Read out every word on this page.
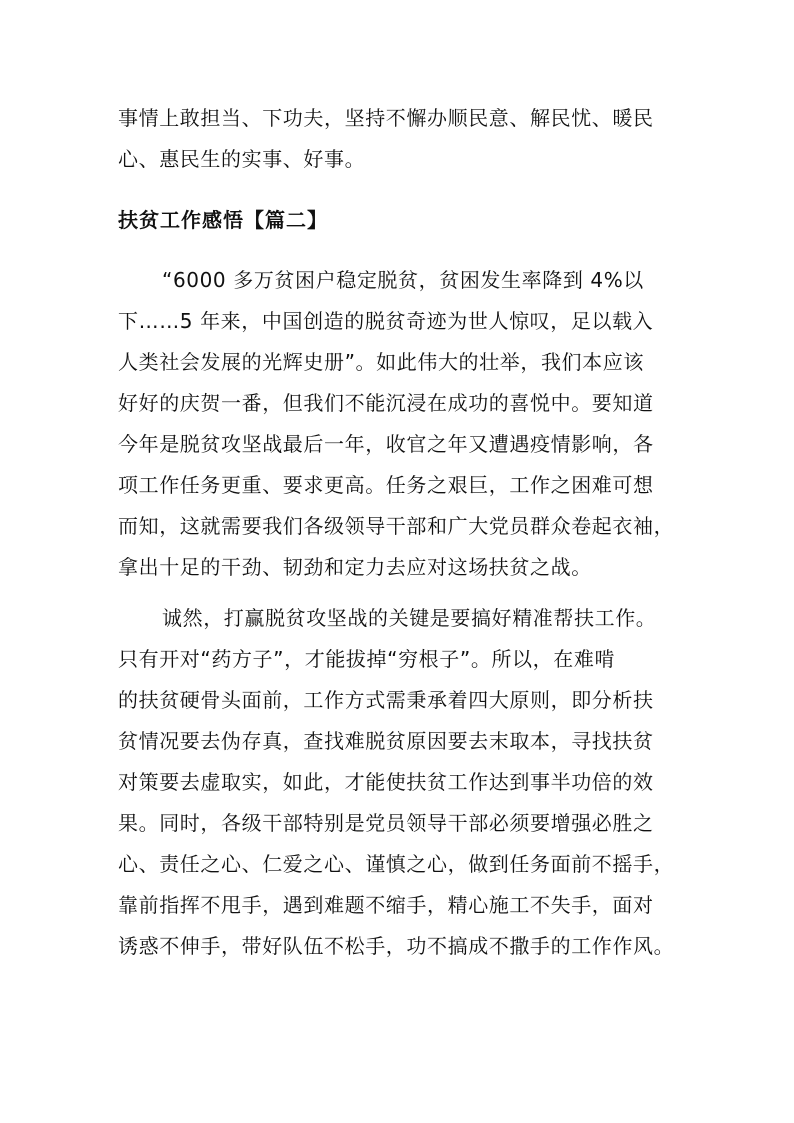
事情上敢担当、下功夫，坚持不懈办顺民意、解民忧、暖民
心、惠民生的实事、好事。
扶贫工作感悟【篇二】
“6000 多万贫困户稳定脱贫，贫困发生率降到 4%以
下……5 年来，中国创造的脱贫奇迹为世人惊叹，足以载入
人类社会发展的光辉史册”。如此伟大的壮举，我们本应该
好好的庆贺一番，但我们不能沉浸在成功的喜悦中。要知道
今年是脱贫攻坚战最后一年，收官之年又遭遇疫情影响，各
项工作任务更重、要求更高。任务之艰巨，工作之困难可想
而知，这就需要我们各级领导干部和广大党员群众卷起衣袖，
拿出十足的干劲、韧劲和定力去应对这场扶贫之战。
诚然，打赢脱贫攻坚战的关键是要搞好精准帮扶工作。
只有开对“药方子”，才能拔掉“穷根子”。所以，在难啃
的扶贫硬骨头面前，工作方式需秉承着四大原则，即分析扶
贫情况要去伪存真，查找难脱贫原因要去末取本，寻找扶贫
对策要去虚取实，如此，才能使扶贫工作达到事半功倍的效
果。同时，各级干部特别是党员领导干部必须要增强必胜之
心、责任之心、仁爱之心、谨慎之心，做到任务面前不摇手，
靠前指挥不甩手，遇到难题不缩手，精心施工不失手，面对
诱惑不伸手，带好队伍不松手，功不搞成不撒手的工作作风。
